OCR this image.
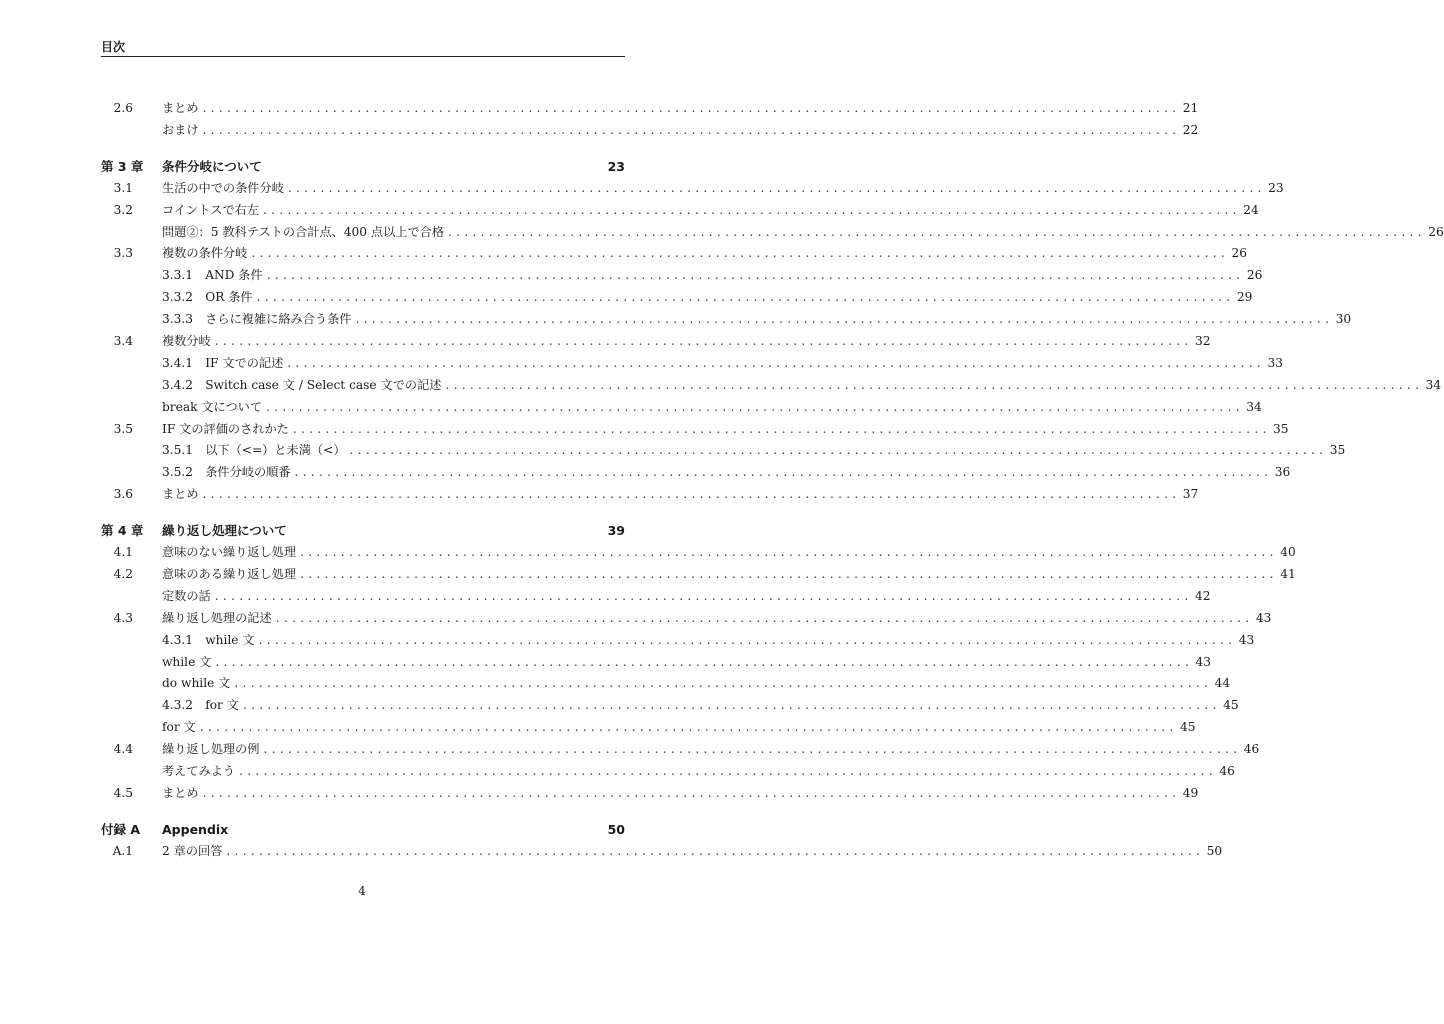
目次
2.6 まとめ . . . . . . . . . . . . . . . . . . . . . . . . . . . . . . . . . . . . . . . . . . . . . . . . . . . . . . . . . . . . . . . . . . . . . . . . . . . . . . . . . . . . . . . . . . . . . . . . . . . . . . . . . . . . . . . . . . . . . . . . 21
おまけ . . . . . . . . . . . . . . . . . . . . . . . . . . . . . . . . . . . . . . . . . . . . . . . . . . . . . . . . . . . . . . . . . . . . . . . . . . . . . . . . . . . . . . . . . . . . . . . . . . . . . . . . . . . . . . . . . . . . . . . . 22
第 3 章	条件分岐について	23
3.1 生活の中での条件分岐 . . . . . . . . . . . . . . . . . . . . . . . . . . . . . . . . . . . . . . . . . . . . . . . . . . . . . . . . . . . . . . . . . . . . . . . . . . . . . . . . . . . . . . . . . . . . . . . . . . . . . . . . . . . . . . . . . . . . . . . . 23
3.2 コイントスで右左 . . . . . . . . . . . . . . . . . . . . . . . . . . . . . . . . . . . . . . . . . . . . . . . . . . . . . . . . . . . . . . . . . . . . . . . . . . . . . . . . . . . . . . . . . . . . . . . . . . . . . . . . . . . . . . . . . . . . . . . . 24
問題②：5 教科テストの合計点、400 点以上で合格 . . . . . . . . . . . . . . . . . . . . . . . . . . . . . . . . . . . . . . . . . . . . . . . . . . . . . . . . . . . . . . . . . . . . . . . . . . . . . . . . . . . . . . . . . . . . . . . . . . . . . . . . . . . . . . . . . . . . . . . . 26
3.3 複数の条件分岐 . . . . . . . . . . . . . . . . . . . . . . . . . . . . . . . . . . . . . . . . . . . . . . . . . . . . . . . . . . . . . . . . . . . . . . . . . . . . . . . . . . . . . . . . . . . . . . . . . . . . . . . . . . . . . . . . . . . . . . . . 26
3.3.1　AND 条件 . . . . . . . . . . . . . . . . . . . . . . . . . . . . . . . . . . . . . . . . . . . . . . . . . . . . . . . . . . . . . . . . . . . . . . . . . . . . . . . . . . . . . . . . . . . . . . . . . . . . . . . . . . . . . . . . . . . . . . . . 26
3.3.2　OR 条件 . . . . . . . . . . . . . . . . . . . . . . . . . . . . . . . . . . . . . . . . . . . . . . . . . . . . . . . . . . . . . . . . . . . . . . . . . . . . . . . . . . . . . . . . . . . . . . . . . . . . . . . . . . . . . . . . . . . . . . . . 29
3.3.3　さらに複雑に絡み合う条件 . . . . . . . . . . . . . . . . . . . . . . . . . . . . . . . . . . . . . . . . . . . . . . . . . . . . . . . . . . . . . . . . . . . . . . . . . . . . . . . . . . . . . . . . . . . . . . . . . . . . . . . . . . . . . . . . . . . . . . . . 30
3.4 複数分岐 . . . . . . . . . . . . . . . . . . . . . . . . . . . . . . . . . . . . . . . . . . . . . . . . . . . . . . . . . . . . . . . . . . . . . . . . . . . . . . . . . . . . . . . . . . . . . . . . . . . . . . . . . . . . . . . . . . . . . . . . 32
3.4.1　IF 文での記述 . . . . . . . . . . . . . . . . . . . . . . . . . . . . . . . . . . . . . . . . . . . . . . . . . . . . . . . . . . . . . . . . . . . . . . . . . . . . . . . . . . . . . . . . . . . . . . . . . . . . . . . . . . . . . . . . . . . . . . . . 33
3.4.2　Switch case 文 / Select case 文での記述 . . . . . . . . . . . . . . . . . . . . . . . . . . . . . . . . . . . . . . . . . . . . . . . . . . . . . . . . . . . . . . . . . . . . . . . . . . . . . . . . . . . . . . . . . . . . . . . . . . . . . . . . . . . . . . . . . . . . . . . . 34
break 文について . . . . . . . . . . . . . . . . . . . . . . . . . . . . . . . . . . . . . . . . . . . . . . . . . . . . . . . . . . . . . . . . . . . . . . . . . . . . . . . . . . . . . . . . . . . . . . . . . . . . . . . . . . . . . . . . . . . . . . . . 34
3.5 IF 文の評価のされかた . . . . . . . . . . . . . . . . . . . . . . . . . . . . . . . . . . . . . . . . . . . . . . . . . . . . . . . . . . . . . . . . . . . . . . . . . . . . . . . . . . . . . . . . . . . . . . . . . . . . . . . . . . . . . . . . . . . . . . . . 35
3.5.1　以下（<=）と未満（<） . . . . . . . . . . . . . . . . . . . . . . . . . . . . . . . . . . . . . . . . . . . . . . . . . . . . . . . . . . . . . . . . . . . . . . . . . . . . . . . . . . . . . . . . . . . . . . . . . . . . . . . . . . . . . . . . . . . . . . . . 35
3.5.2　条件分岐の順番 . . . . . . . . . . . . . . . . . . . . . . . . . . . . . . . . . . . . . . . . . . . . . . . . . . . . . . . . . . . . . . . . . . . . . . . . . . . . . . . . . . . . . . . . . . . . . . . . . . . . . . . . . . . . . . . . . . . . . . . . 36
3.6 まとめ . . . . . . . . . . . . . . . . . . . . . . . . . . . . . . . . . . . . . . . . . . . . . . . . . . . . . . . . . . . . . . . . . . . . . . . . . . . . . . . . . . . . . . . . . . . . . . . . . . . . . . . . . . . . . . . . . . . . . . . . 37
第 4 章	繰り返し処理について	39
4.1 意味のない繰り返し処理 . . . . . . . . . . . . . . . . . . . . . . . . . . . . . . . . . . . . . . . . . . . . . . . . . . . . . . . . . . . . . . . . . . . . . . . . . . . . . . . . . . . . . . . . . . . . . . . . . . . . . . . . . . . . . . . . . . . . . . . . 40
4.2 意味のある繰り返し処理 . . . . . . . . . . . . . . . . . . . . . . . . . . . . . . . . . . . . . . . . . . . . . . . . . . . . . . . . . . . . . . . . . . . . . . . . . . . . . . . . . . . . . . . . . . . . . . . . . . . . . . . . . . . . . . . . . . . . . . . . 41
定数の話 . . . . . . . . . . . . . . . . . . . . . . . . . . . . . . . . . . . . . . . . . . . . . . . . . . . . . . . . . . . . . . . . . . . . . . . . . . . . . . . . . . . . . . . . . . . . . . . . . . . . . . . . . . . . . . . . . . . . . . . . 42
4.3 繰り返し処理の記述 . . . . . . . . . . . . . . . . . . . . . . . . . . . . . . . . . . . . . . . . . . . . . . . . . . . . . . . . . . . . . . . . . . . . . . . . . . . . . . . . . . . . . . . . . . . . . . . . . . . . . . . . . . . . . . . . . . . . . . . . 43
4.3.1　while 文 . . . . . . . . . . . . . . . . . . . . . . . . . . . . . . . . . . . . . . . . . . . . . . . . . . . . . . . . . . . . . . . . . . . . . . . . . . . . . . . . . . . . . . . . . . . . . . . . . . . . . . . . . . . . . . . . . . . . . . . . 43
while 文 . . . . . . . . . . . . . . . . . . . . . . . . . . . . . . . . . . . . . . . . . . . . . . . . . . . . . . . . . . . . . . . . . . . . . . . . . . . . . . . . . . . . . . . . . . . . . . . . . . . . . . . . . . . . . . . . . . . . . . . . 43
do while 文 . . . . . . . . . . . . . . . . . . . . . . . . . . . . . . . . . . . . . . . . . . . . . . . . . . . . . . . . . . . . . . . . . . . . . . . . . . . . . . . . . . . . . . . . . . . . . . . . . . . . . . . . . . . . . . . . . . . . . . . . 44
4.3.2　for 文 . . . . . . . . . . . . . . . . . . . . . . . . . . . . . . . . . . . . . . . . . . . . . . . . . . . . . . . . . . . . . . . . . . . . . . . . . . . . . . . . . . . . . . . . . . . . . . . . . . . . . . . . . . . . . . . . . . . . . . . . 45
for 文 . . . . . . . . . . . . . . . . . . . . . . . . . . . . . . . . . . . . . . . . . . . . . . . . . . . . . . . . . . . . . . . . . . . . . . . . . . . . . . . . . . . . . . . . . . . . . . . . . . . . . . . . . . . . . . . . . . . . . . . . 45
4.4 繰り返し処理の例 . . . . . . . . . . . . . . . . . . . . . . . . . . . . . . . . . . . . . . . . . . . . . . . . . . . . . . . . . . . . . . . . . . . . . . . . . . . . . . . . . . . . . . . . . . . . . . . . . . . . . . . . . . . . . . . . . . . . . . . . 46
考えてみよう . . . . . . . . . . . . . . . . . . . . . . . . . . . . . . . . . . . . . . . . . . . . . . . . . . . . . . . . . . . . . . . . . . . . . . . . . . . . . . . . . . . . . . . . . . . . . . . . . . . . . . . . . . . . . . . . . . . . . . . . 46
4.5 まとめ . . . . . . . . . . . . . . . . . . . . . . . . . . . . . . . . . . . . . . . . . . . . . . . . . . . . . . . . . . . . . . . . . . . . . . . . . . . . . . . . . . . . . . . . . . . . . . . . . . . . . . . . . . . . . . . . . . . . . . . . 49
付録 A	Appendix	50
A.1 2 章の回答 . . . . . . . . . . . . . . . . . . . . . . . . . . . . . . . . . . . . . . . . . . . . . . . . . . . . . . . . . . . . . . . . . . . . . . . . . . . . . . . . . . . . . . . . . . . . . . . . . . . . . . . . . . . . . . . . . . . . . . . . 50
4
